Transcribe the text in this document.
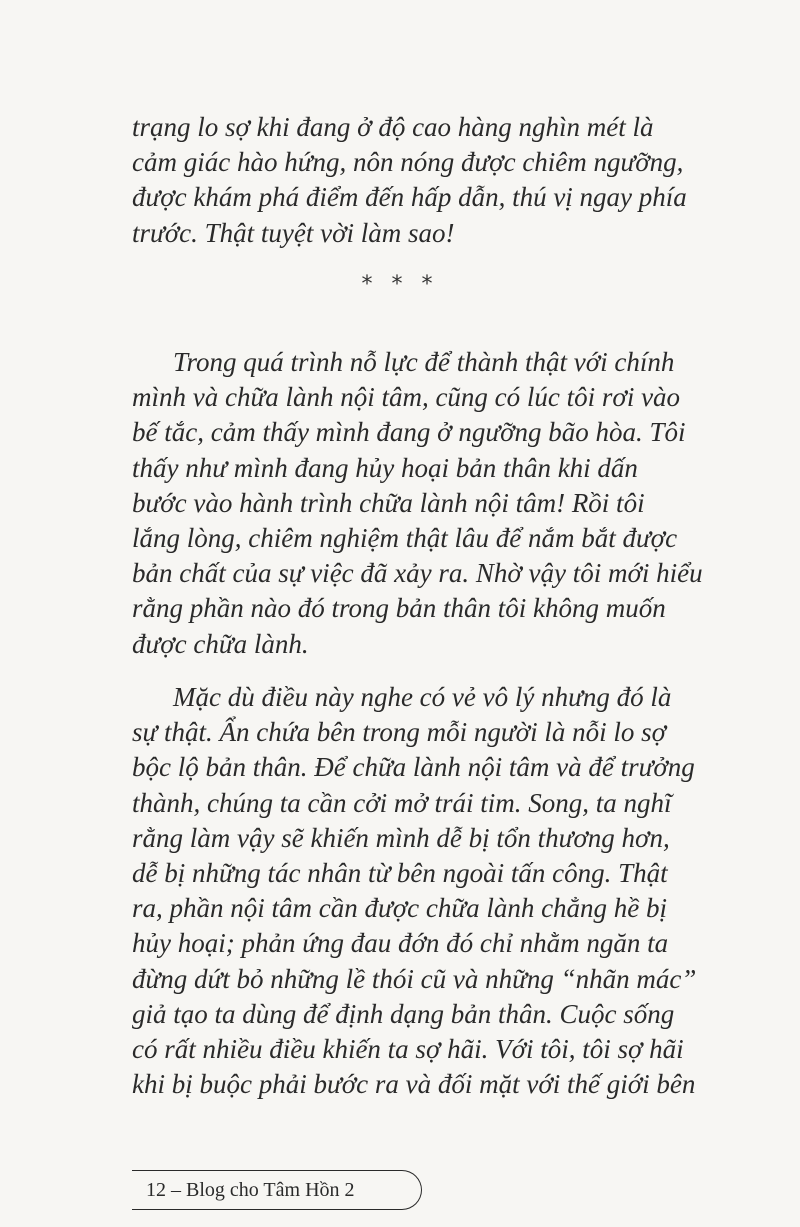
trạng lo sợ khi đang ở độ cao hàng nghìn mét là
cảm giác hào hứng, nôn nóng được chiêm ngưỡng,
được khám phá điểm đến hấp dẫn, thú vị ngay phía
trước. Thật tuyệt vời làm sao!
* * *
Trong quá trình nỗ lực để thành thật với chính
mình và chữa lành nội tâm, cũng có lúc tôi rơi vào
bế tắc, cảm thấy mình đang ở ngưỡng bão hòa. Tôi
thấy như mình đang hủy hoại bản thân khi dấn
bước vào hành trình chữa lành nội tâm! Rồi tôi
lắng lòng, chiêm nghiệm thật lâu để nắm bắt được
bản chất của sự việc đã xảy ra. Nhờ vậy tôi mới hiểu
rằng phần nào đó trong bản thân tôi không muốn
được chữa lành.
Mặc dù điều này nghe có vẻ vô lý nhưng đó là
sự thật. Ẩn chứa bên trong mỗi người là nỗi lo sợ
bộc lộ bản thân. Để chữa lành nội tâm và để trưởng
thành, chúng ta cần cởi mở trái tim. Song, ta nghĩ
rằng làm vậy sẽ khiến mình dễ bị tổn thương hơn,
dễ bị những tác nhân từ bên ngoài tấn công. Thật
ra, phần nội tâm cần được chữa lành chẳng hề bị
hủy hoại; phản ứng đau đớn đó chỉ nhằm ngăn ta
đừng dứt bỏ những lề thói cũ và những “nhãn mác”
giả tạo ta dùng để định dạng bản thân. Cuộc sống
có rất nhiều điều khiến ta sợ hãi. Với tôi, tôi sợ hãi
khi bị buộc phải bước ra và đối mặt với thế giới bên
12 – Blog cho Tâm Hồn 2
